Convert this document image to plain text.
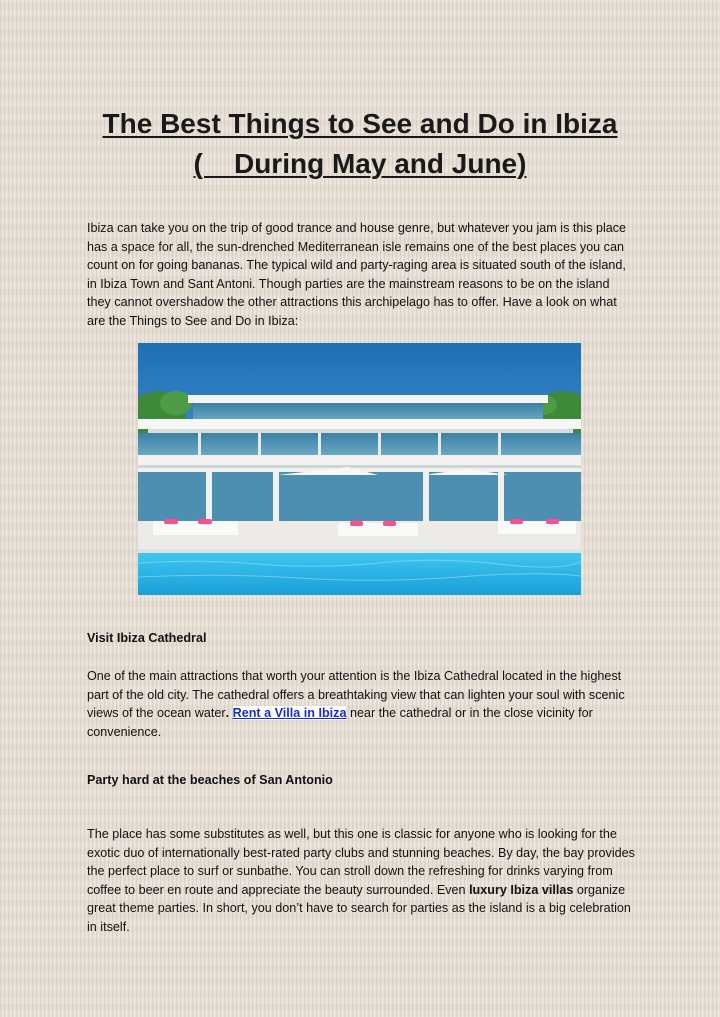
The Best Things to See and Do in Ibiza
(    During May and June)

Ibiza can take you on the trip of good trance and house genre, but whatever you jam is this place has a space for all, the sun-drenched Mediterranean isle remains one of the best places you can count on for going bananas. The typical wild and party-raging area is situated south of the island, in Ibiza Town and Sant Antoni. Though parties are the mainstream reasons to be on the island they cannot overshadow the other attractions this archipelago has to offer. Have a look on what are the Things to See and Do in Ibiza:

Visit Ibiza Cathedral

One of the main attractions that worth your attention is the Ibiza Cathedral located in the highest part of the old city. The cathedral offers a breathtaking view that can lighten your soul with scenic views of the ocean water. Rent a Villa in Ibiza near the cathedral or in the close vicinity for convenience.

Party hard at the beaches of San Antonio

The place has some substitutes as well, but this one is classic for anyone who is looking for the exotic duo of internationally best-rated party clubs and stunning beaches. By day, the bay provides the perfect place to surf or sunbathe. You can stroll down the refreshing for drinks varying from coffee to beer en route and appreciate the beauty surrounded. Even luxury Ibiza villas organize great theme parties. In short, you don’t have to search for parties as the island is a big celebration in itself.
